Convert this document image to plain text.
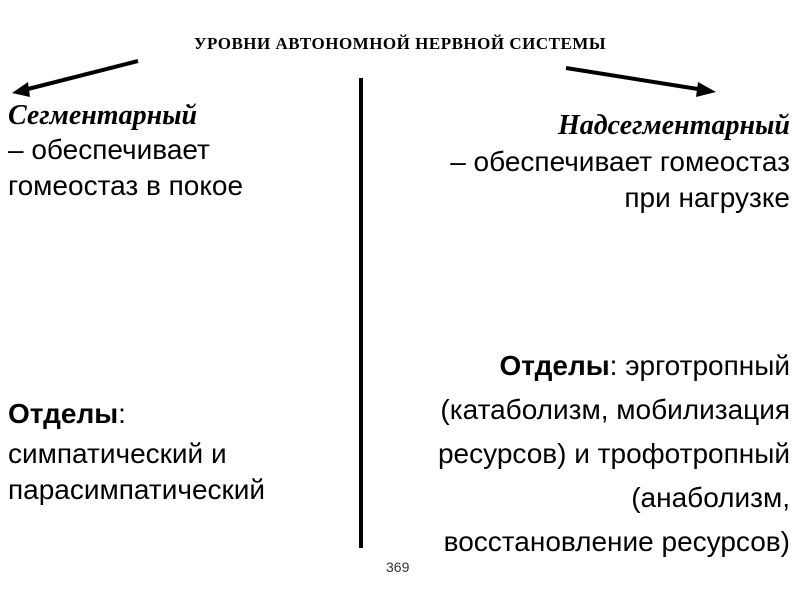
УРОВНИ АВТОНОМНОЙ НЕРВНОЙ СИСТЕМЫ
Сегментарный
– обеспечивает
гомеостаз в покое
Отделы:
симпатический и
парасимпатический
Надсегментарный
– обеспечивает гомеостаз
при нагрузке
Отделы: эрготропный
(катаболизм, мобилизация
ресурсов) и трофотропный
(анаболизм,
восстановление ресурсов)
369
